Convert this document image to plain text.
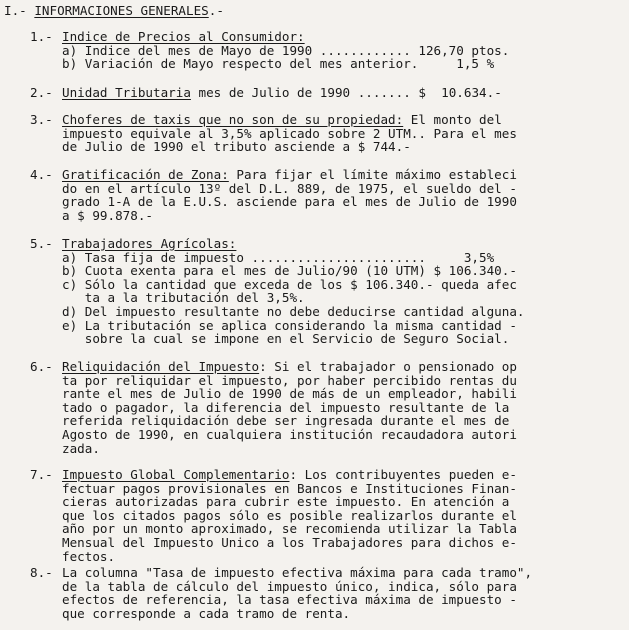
I.- INFORMACIONES GENERALES.-
1.- Indice de Precios al Consumidor:
a) Indice del mes de Mayo de 1990 ............ 126,70 ptos.
b) Variación de Mayo respecto del mes anterior.     1,5 %
2.- Unidad Tributaria mes de Julio de 1990 ....... $  10.634.-
3.- Choferes de taxis que no son de su propiedad: El monto del
impuesto equivale al 3,5% aplicado sobre 2 UTM.. Para el mes
de Julio de 1990 el tributo asciende a $ 744.-
4.- Gratificación de Zona: Para fijar el límite máximo estableci
do en el artículo 13º del D.L. 889, de 1975, el sueldo del -
grado 1-A de la E.U.S. asciende para el mes de Julio de 1990
a $ 99.878.-
5.- Trabajadores Agrícolas:
a) Tasa fija de impuesto .......................     3,5%
b) Cuota exenta para el mes de Julio/90 (10 UTM) $ 106.340.-
c) Sólo la cantidad que exceda de los $ 106.340.- queda afec
ta a la tributación del 3,5%.
d) Del impuesto resultante no debe deducirse cantidad alguna.
e) La tributación se aplica considerando la misma cantidad -
sobre la cual se impone en el Servicio de Seguro Social.
6.- Reliquidación del Impuesto: Si el trabajador o pensionado op
ta por reliquidar el impuesto, por haber percibido rentas du
rante el mes de Julio de 1990 de más de un empleador, habili
tado o pagador, la diferencia del impuesto resultante de la
referida reliquidación debe ser ingresada durante el mes de
Agosto de 1990, en cualquiera institución recaudadora autori
zada.
7.- Impuesto Global Complementario: Los contribuyentes pueden e-
fectuar pagos provisionales en Bancos e Instituciones Finan-
cieras autorizadas para cubrir este impuesto. En atención a
que los citados pagos sólo es posible realizarlos durante el
año por un monto aproximado, se recomienda utilizar la Tabla
Mensual del Impuesto Unico a los Trabajadores para dichos e-
fectos.
8.- La columna "Tasa de impuesto efectiva máxima para cada tramo",
de la tabla de cálculo del impuesto único, indica, sólo para
efectos de referencia, la tasa efectiva máxima de impuesto -
que corresponde a cada tramo de renta.
